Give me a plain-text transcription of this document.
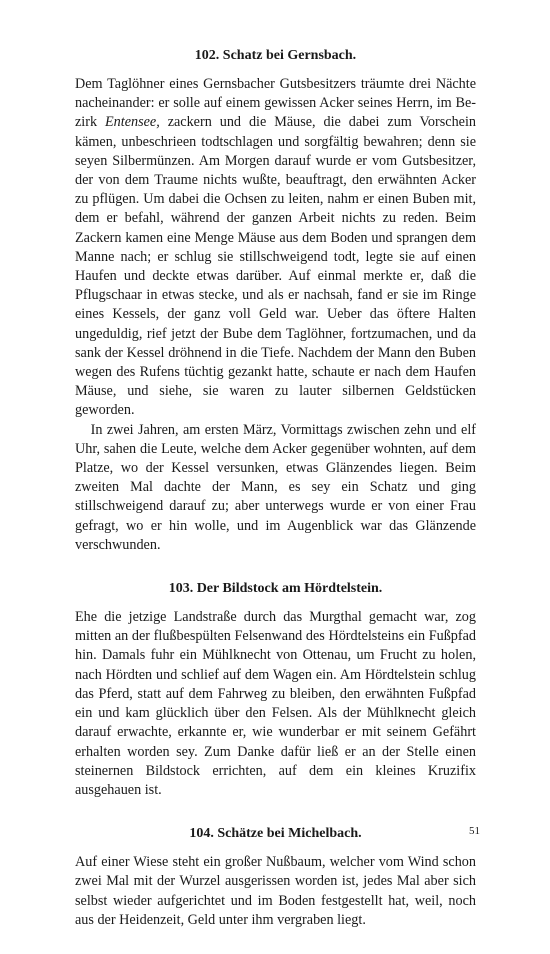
102. Schatz bei Gernsbach.

Dem Taglöhner eines Gernsbacher Gutsbesitzers träumte drei Nächte nacheinander: er solle auf einem gewissen Acker seines Herrn, im Bezirk Entensee, zackern und die Mäuse, die dabei zum Vorschein kämen, unbeschrieen todtschlagen und sorgfältig bewahren; denn sie seyen Silbermünzen. Am Morgen darauf wurde er vom Gutsbesitzer, der von dem Traume nichts wußte, beauftragt, den erwähnten Acker zu pflügen. Um dabei die Ochsen zu leiten, nahm er einen Buben mit, dem er befahl, während der ganzen Arbeit nichts zu reden. Beim Zackern kamen eine Menge Mäuse aus dem Boden und sprangen dem Manne nach; er schlug sie stillschweigend todt, legte sie auf einen Haufen und deckte etwas darüber. Auf einmal merkte er, daß die Pflugschaar in etwas stecke, und als er nachsah, fand er sie im Ringe eines Kessels, der ganz voll Geld war. Ueber das öftere Halten ungeduldig, rief jetzt der Bube dem Taglöhner, fortzumachen, und da sank der Kessel dröhnend in die Tiefe. Nachdem der Mann den Buben wegen des Rufens tüchtig gezankt hatte, schaute er nach dem Haufen Mäuse, und siehe, sie waren zu lauter silbernen Geldstücken geworden.

In zwei Jahren, am ersten März, Vormittags zwischen zehn und elf Uhr, sahen die Leute, welche dem Acker gegenüber wohnten, auf dem Platze, wo der Kessel versunken, etwas Glänzendes liegen. Beim zweiten Mal dachte der Mann, es sey ein Schatz und ging stillschweigend darauf zu; aber unterwegs wurde er von einer Frau gefragt, wo er hin wolle, und im Augenblick war das Glänzende verschwunden.

103. Der Bildstock am Hördtelstein.

Ehe die jetzige Landstraße durch das Murgthal gemacht war, zog mitten an der flußbespülten Felsenwand des Hördtelsteins ein Fußpfad hin. Damals fuhr ein Mühlknecht von Ottenau, um Frucht zu holen, nach Hördten und schlief auf dem Wagen ein. Am Hördtelstein schlug das Pferd, statt auf dem Fahrweg zu bleiben, den erwähnten Fußpfad ein und kam glücklich über den Felsen. Als der Mühlknecht gleich darauf erwachte, erkannte er, wie wunderbar er mit seinem Gefährt erhalten worden sey. Zum Danke dafür ließ er an der Stelle einen steinernen Bildstock errichten, auf dem ein kleines Kruzifix ausgehauen ist.

104. Schätze bei Michelbach.

Auf einer Wiese steht ein großer Nußbaum, welcher vom Wind schon zwei Mal mit der Wurzel ausgerissen worden ist, jedes Mal aber sich selbst wieder aufgerichtet und im Boden festgestellt hat, weil, noch aus der Heidenzeit, Geld unter ihm vergraben liegt.

51
